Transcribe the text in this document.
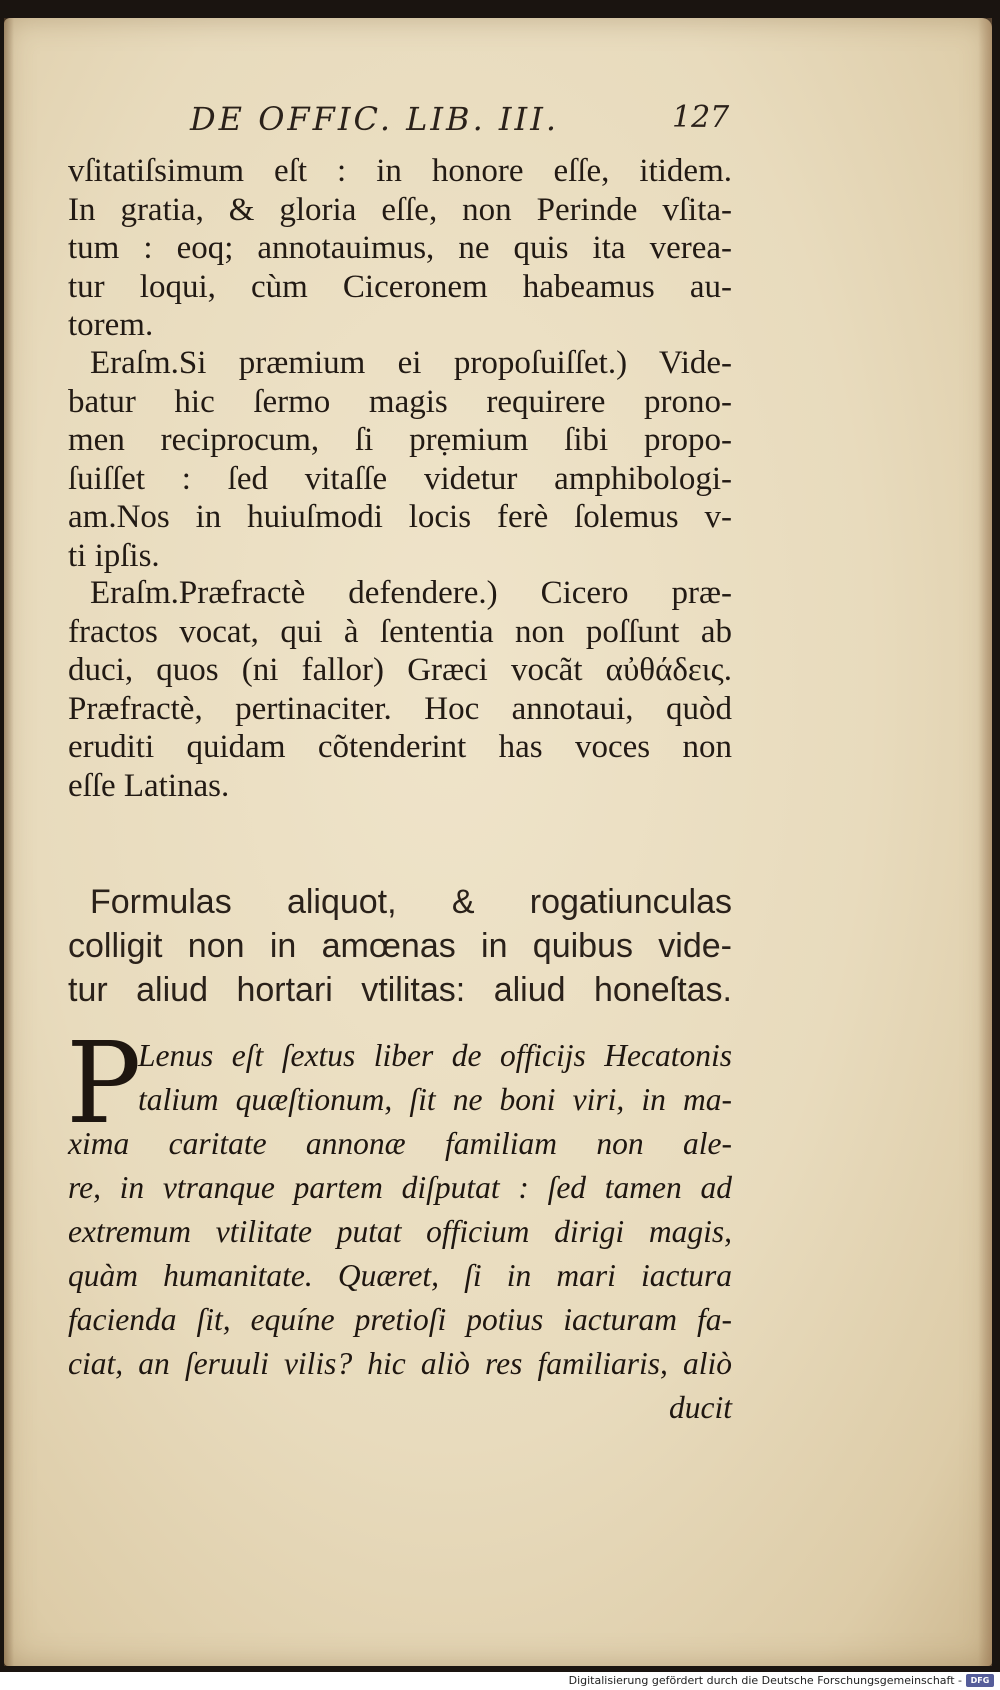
DE OFFIC. LIB. III.	127
vſitatiſsimum eſt : in honore eſſe, itidem.
In gratia, & gloria eſſe, non Perinde vſita-
tum : eoq; annotauimus, ne quis ita verea-
tur loqui, cùm Ciceronem habeamus au-
torem.
Eraſm.Si præmium ei propoſuiſſet.) Vide-
batur hic ſermo magis requirere prono-
men reciprocum, ſi prẹmium ſibi propo-
ſuiſſet : ſed vitaſſe videtur amphibologi-
am.Nos in huiuſmodi locis ferè ſolemus v-
ti ipſis.
Eraſm.Præfractè defendere.) Cicero præ-
fractos vocat, qui à ſententia non poſſunt ab
duci, quos (ni fallor) Græci vocãt αὐθάδεις.
Præfractè, pertinaciter. Hoc annotaui, quòd
eruditi quidam cõtenderint has voces non
eſſe Latinas.
Formulas aliquot, & rogatiunculas
colligit non in amœnas in quibus vide-
tur aliud hortari vtilitas: aliud honeſtas.
P
Lenus eſt ſextus liber de officijs Hecatonis
talium quæſtionum, ſit ne boni viri, in ma-
xima caritate annonæ familiam non ale-
re, in vtranque partem diſputat : ſed tamen ad
extremum vtilitate putat officium dirigi magis,
quàm humanitate. Quæret, ſi in mari iactura
facienda ſit, equíne pretioſi potius iacturam fa-
ciat, an ſeruuli vilis? hic aliò res familiaris, aliò
ducit
Digitalisierung gefördert durch die Deutsche Forschungsgemeinschaft -	DFG
